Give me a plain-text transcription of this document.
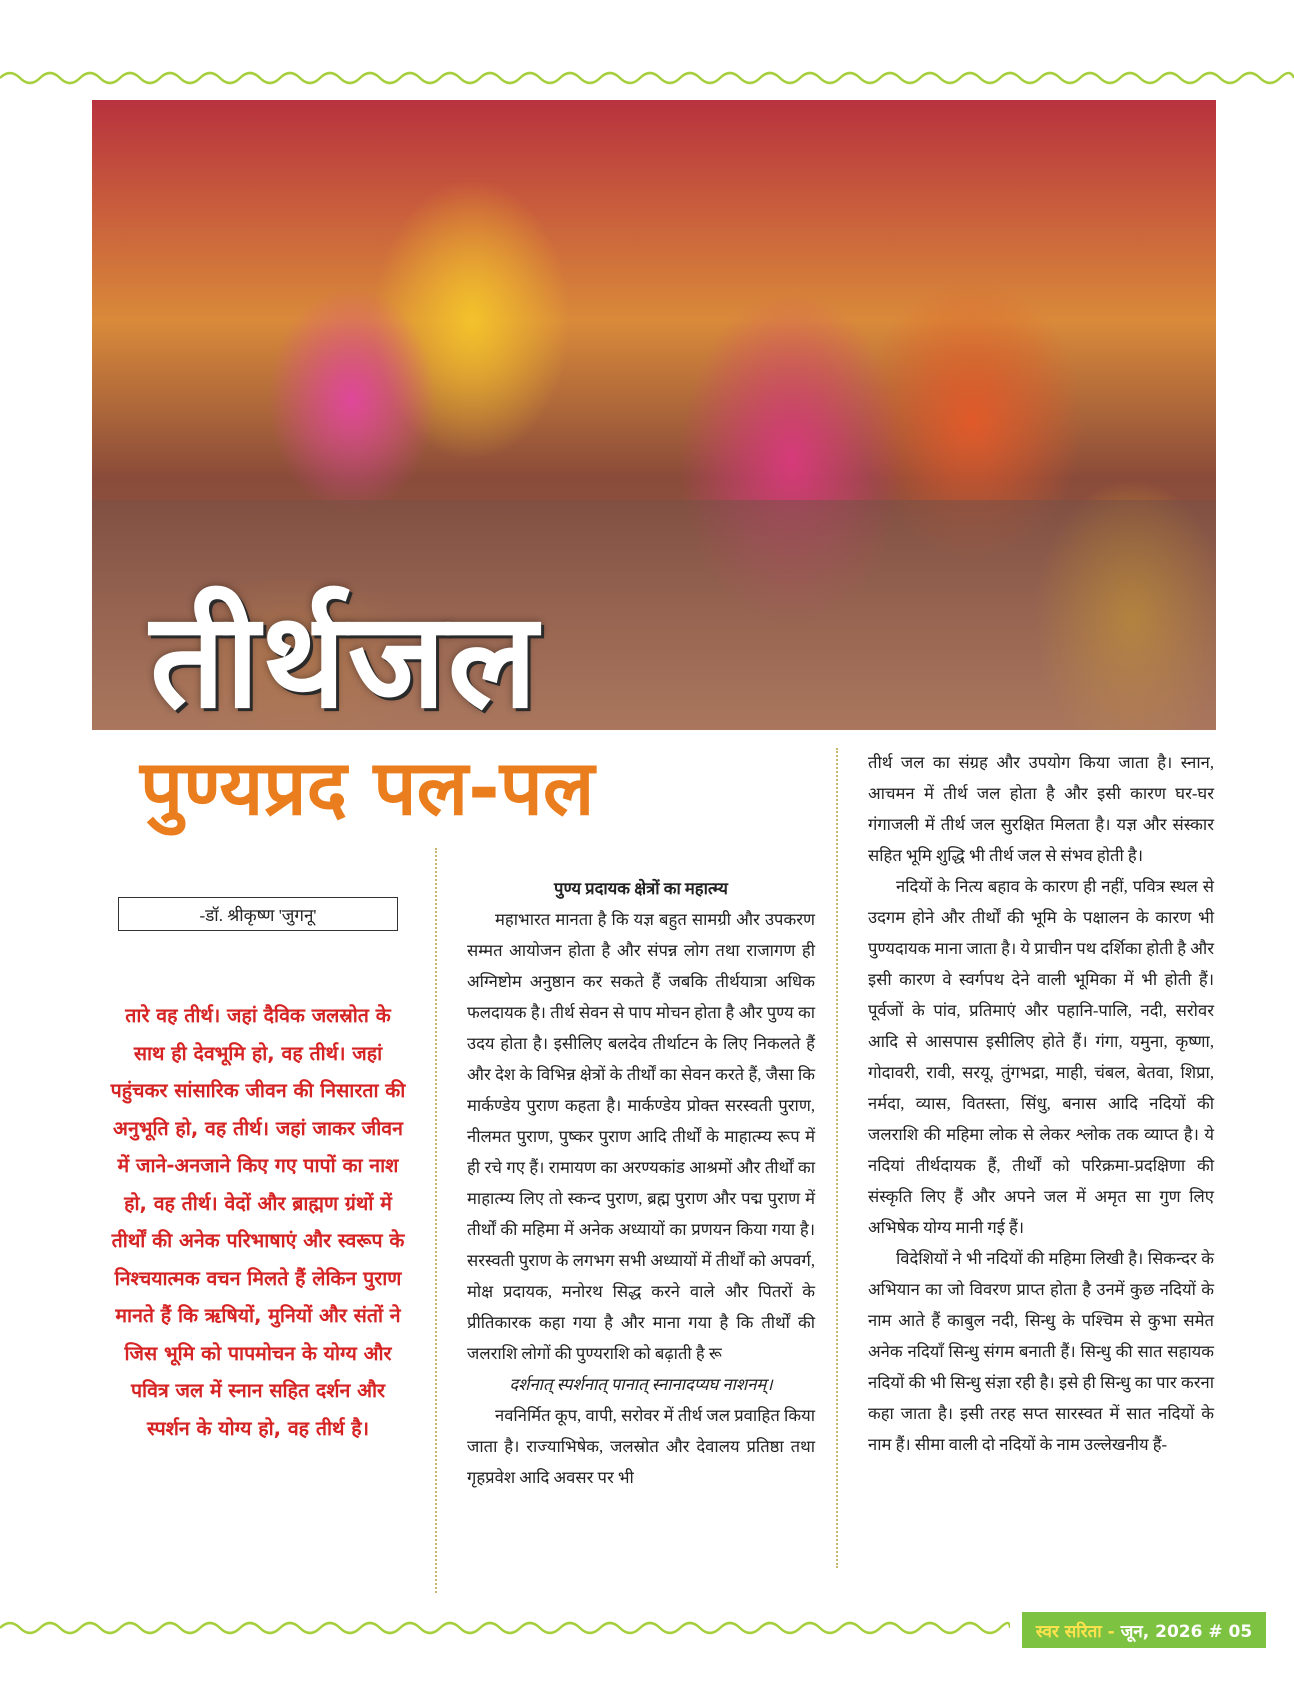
तीर्थजल
पुण्यप्रद पल-पल
-डॉ. श्रीकृष्ण 'जुगनू'
तारे वह तीर्थ। जहां दैविक जलस्रोत के साथ ही देवभूमि हो, वह तीर्थ। जहां पहुंचकर सांसारिक जीवन की निसारता की अनुभूति हो, वह तीर्थ। जहां जाकर जीवन में जाने-अनजाने किए गए पापों का नाश हो, वह तीर्थ। वेदों और ब्राह्मण ग्रंथों में तीर्थों की अनेक परिभाषाएं और स्वरूप के निश्चयात्मक वचन मिलते हैं लेकिन पुराण मानते हैं कि ऋषियों, मुनियों और संतों ने जिस भूमि को पापमोचन के योग्य और पवित्र जल में स्नान सहित दर्शन और स्पर्शन के योग्य हो, वह तीर्थ है।

पुण्य प्रदायक क्षेत्रों का महात्म्य

महाभारत मानता है कि यज्ञ बहुत सामग्री और उपकरण सम्मत आयोजन होता है और संपन्न लोग तथा राजागण ही अग्निष्टोम अनुष्ठान कर सकते हैं जबकि तीर्थयात्रा अधिक फलदायक है। तीर्थ सेवन से पाप मोचन होता है और पुण्य का उदय होता है। इसीलिए बलदेव तीर्थाटन के लिए निकलते हैं और देश के विभिन्न क्षेत्रों के तीर्थों का सेवन करते हैं, जैसा कि मार्कण्डेय पुराण कहता है। मार्कण्डेय प्रोक्त सरस्वती पुराण, नीलमत पुराण, पुष्कर पुराण आदि तीर्थों के माहात्म्य रूप में ही रचे गए हैं। रामायण का अरण्यकांड आश्रमों और तीर्थों का माहात्म्य लिए तो स्कन्द पुराण, ब्रह्म पुराण और पद्म पुराण में तीर्थों की महिमा में अनेक अध्यायों का प्रणयन किया गया है। सरस्वती पुराण के लगभग सभी अध्यायों में तीर्थों को अपवर्ग, मोक्ष प्रदायक, मनोरथ सिद्ध करने वाले और पितरों के प्रीतिकारक कहा गया है और माना गया है कि तीर्थों की जलराशि लोगों की पुण्यराशि को बढ़ाती है रू

दर्शनात् स्पर्शनात् पानात् स्नानादप्यघ नाशनम्।

नवनिर्मित कूप, वापी, सरोवर में तीर्थ जल प्रवाहित किया जाता है। राज्याभिषेक, जलस्रोत और देवालय प्रतिष्ठा तथा गृहप्रवेश आदि अवसर पर भी

तीर्थ जल का संग्रह और उपयोग किया जाता है। स्नान, आचमन में तीर्थ जल होता है और इसी कारण घर-घर गंगाजली में तीर्थ जल सुरक्षित मिलता है। यज्ञ और संस्कार सहित भूमि शुद्धि भी तीर्थ जल से संभव होती है।

नदियों के नित्य बहाव के कारण ही नहीं, पवित्र स्थल से उदगम होने और तीर्थों की भूमि के पक्षालन के कारण भी पुण्यदायक माना जाता है। ये प्राचीन पथ दर्शिका होती है और इसी कारण वे स्वर्गपथ देने वाली भूमिका में भी होती हैं। पूर्वजों के पांव, प्रतिमाएं और पहानि-पालि, नदी, सरोवर आदि से आसपास इसीलिए होते हैं। गंगा, यमुना, कृष्णा, गोदावरी, रावी, सरयू, तुंगभद्रा, माही, चंबल, बेतवा, शिप्रा, नर्मदा, व्यास, वितस्ता, सिंधु, बनास आदि नदियों की जलराशि की महिमा लोक से लेकर श्लोक तक व्याप्त है। ये नदियां तीर्थदायक हैं, तीर्थों को परिक्रमा-प्रदक्षिणा की संस्कृति लिए हैं और अपने जल में अमृत सा गुण लिए अभिषेक योग्य मानी गई हैं।

विदेशियों ने भी नदियों की महिमा लिखी है। सिकन्दर के अभियान का जो विवरण प्राप्त होता है उनमें कुछ नदियों के नाम आते हैं काबुल नदी, सिन्धु के पश्चिम से कुभा समेत अनेक नदियाँ सिन्धु संगम बनाती हैं। सिन्धु की सात सहायक नदियों की भी सिन्धु संज्ञा रही है। इसे ही सिन्धु का पार करना कहा जाता है। इसी तरह सप्त सारस्वत में सात नदियों के नाम हैं। सीमा वाली दो नदियों के नाम उल्लेखनीय हैं-

स्वर सरिता - जून, 2026 # 05
